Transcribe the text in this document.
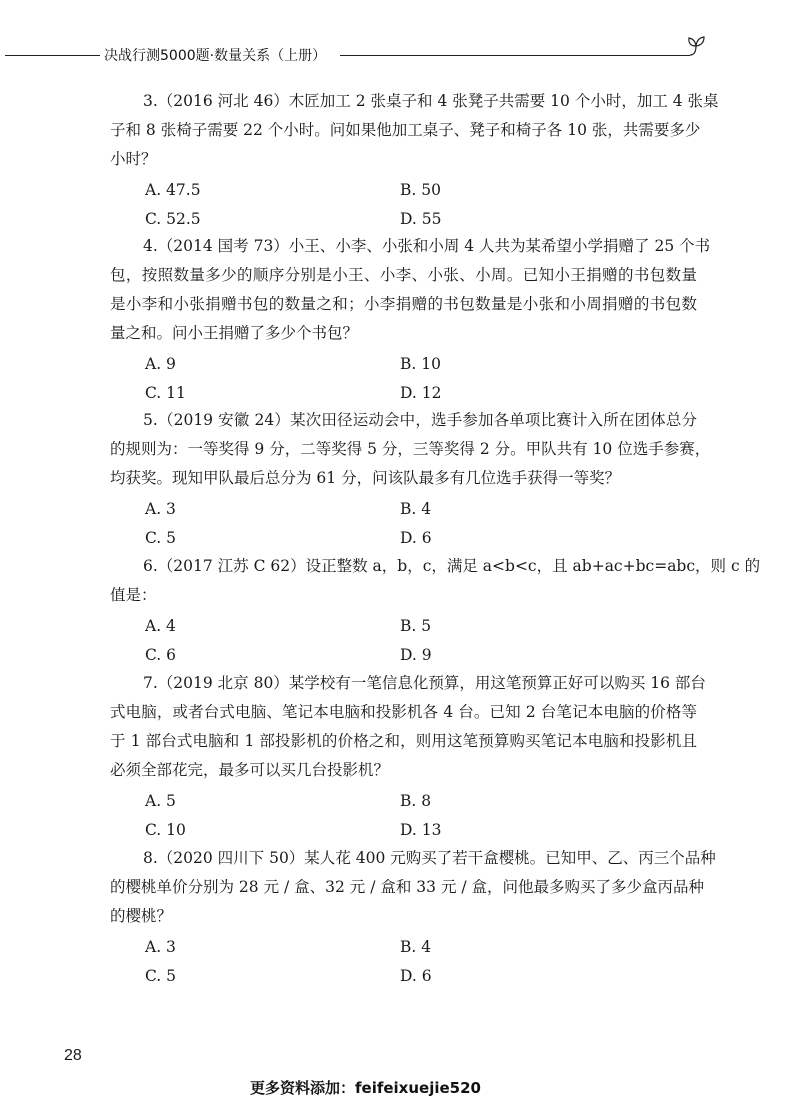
决战行测5000题·数量关系（上册）
3.（2016 河北 46）木匠加工 2 张桌子和 4 张凳子共需要 10 个小时，加工 4 张桌
子和 8 张椅子需要 22 个小时。问如果他加工桌子、凳子和椅子各 10 张，共需要多少
小时？
A. 47.5	B. 50
C. 52.5	D. 55
4.（2014 国考 73）小王、小李、小张和小周 4 人共为某希望小学捐赠了 25 个书
包，按照数量多少的顺序分别是小王、小李、小张、小周。已知小王捐赠的书包数量
是小李和小张捐赠书包的数量之和；小李捐赠的书包数量是小张和小周捐赠的书包数
量之和。问小王捐赠了多少个书包？
A. 9	B. 10
C. 11	D. 12
5.（2019 安徽 24）某次田径运动会中，选手参加各单项比赛计入所在团体总分
的规则为：一等奖得 9 分，二等奖得 5 分，三等奖得 2 分。甲队共有 10 位选手参赛，
均获奖。现知甲队最后总分为 61 分，问该队最多有几位选手获得一等奖？
A. 3	B. 4
C. 5	D. 6
6.（2017 江苏 C 62）设正整数 a，b，c，满足 a<b<c，且 ab+ac+bc=abc，则 c 的
值是：
A. 4	B. 5
C. 6	D. 9
7.（2019 北京 80）某学校有一笔信息化预算，用这笔预算正好可以购买 16 部台
式电脑，或者台式电脑、笔记本电脑和投影机各 4 台。已知 2 台笔记本电脑的价格等
于 1 部台式电脑和 1 部投影机的价格之和，则用这笔预算购买笔记本电脑和投影机且
必须全部花完，最多可以买几台投影机？
A. 5	B. 8
C. 10	D. 13
8.（2020 四川下 50）某人花 400 元购买了若干盒樱桃。已知甲、乙、丙三个品种
的樱桃单价分别为 28 元 / 盒、32 元 / 盒和 33 元 / 盒，问他最多购买了多少盒丙品种
的樱桃？
A. 3	B. 4
C. 5	D. 6
28
更多资料添加：feifeixuejie520
